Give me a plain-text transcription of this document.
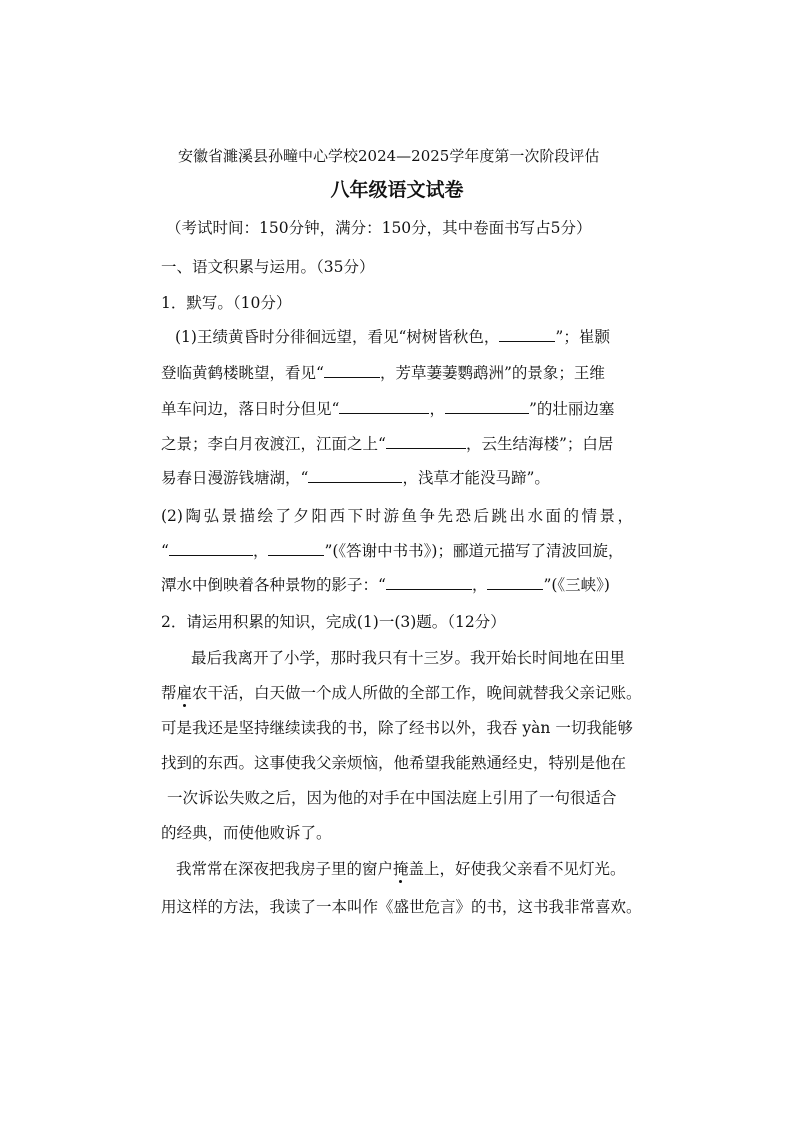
安徽省濉溪县孙疃中心学校2024—2025学年度第一次阶段评估
八年级语文试卷
（考试时间：150分钟，满分：150分，其中卷面书写占5分）
一、语文积累与运用。（35分）
1．默写。（10分）
(1)王绩黄昏时分徘徊远望，看见“树树皆秋色，	”；崔颢
登临黄鹤楼眺望，看见“	，芳草萋萋鹦鹉洲”的景象；王维
单车问边，落日时分但见“	，	”的壮丽边塞
之景；李白月夜渡江，江面之上“	，云生结海楼”；白居
易春日漫游钱塘湖，“	，浅草才能没马蹄”。
(2)陶弘景描绘了夕阳西下时游鱼争先恐后跳出水面的情景，
“	，	”(《答谢中书书》)；郦道元描写了清波回旋，
潭水中倒映着各种景物的影子：“	，	”(《三峡》)
2．请运用积累的知识，完成(1)一(3)题。（12分）
最后我离开了小学，那时我只有十三岁。我开始长时间地在田里
帮雇农干活，白天做一个成人所做的全部工作，晚间就替我父亲记账。
可是我还是坚持继续读我的书，除了经书以外，我吞 yàn 一切我能够
找到的东西。这事使我父亲烦恼，他希望我能熟通经史，特别是他在
一次诉讼失败之后，因为他的对手在中国法庭上引用了一句很适合
的经典，而使他败诉了。
我常常在深夜把我房子里的窗户掩盖上，好使我父亲看不见灯光。
用这样的方法，我读了一本叫作《盛世危言》的书，这书我非常喜欢。
